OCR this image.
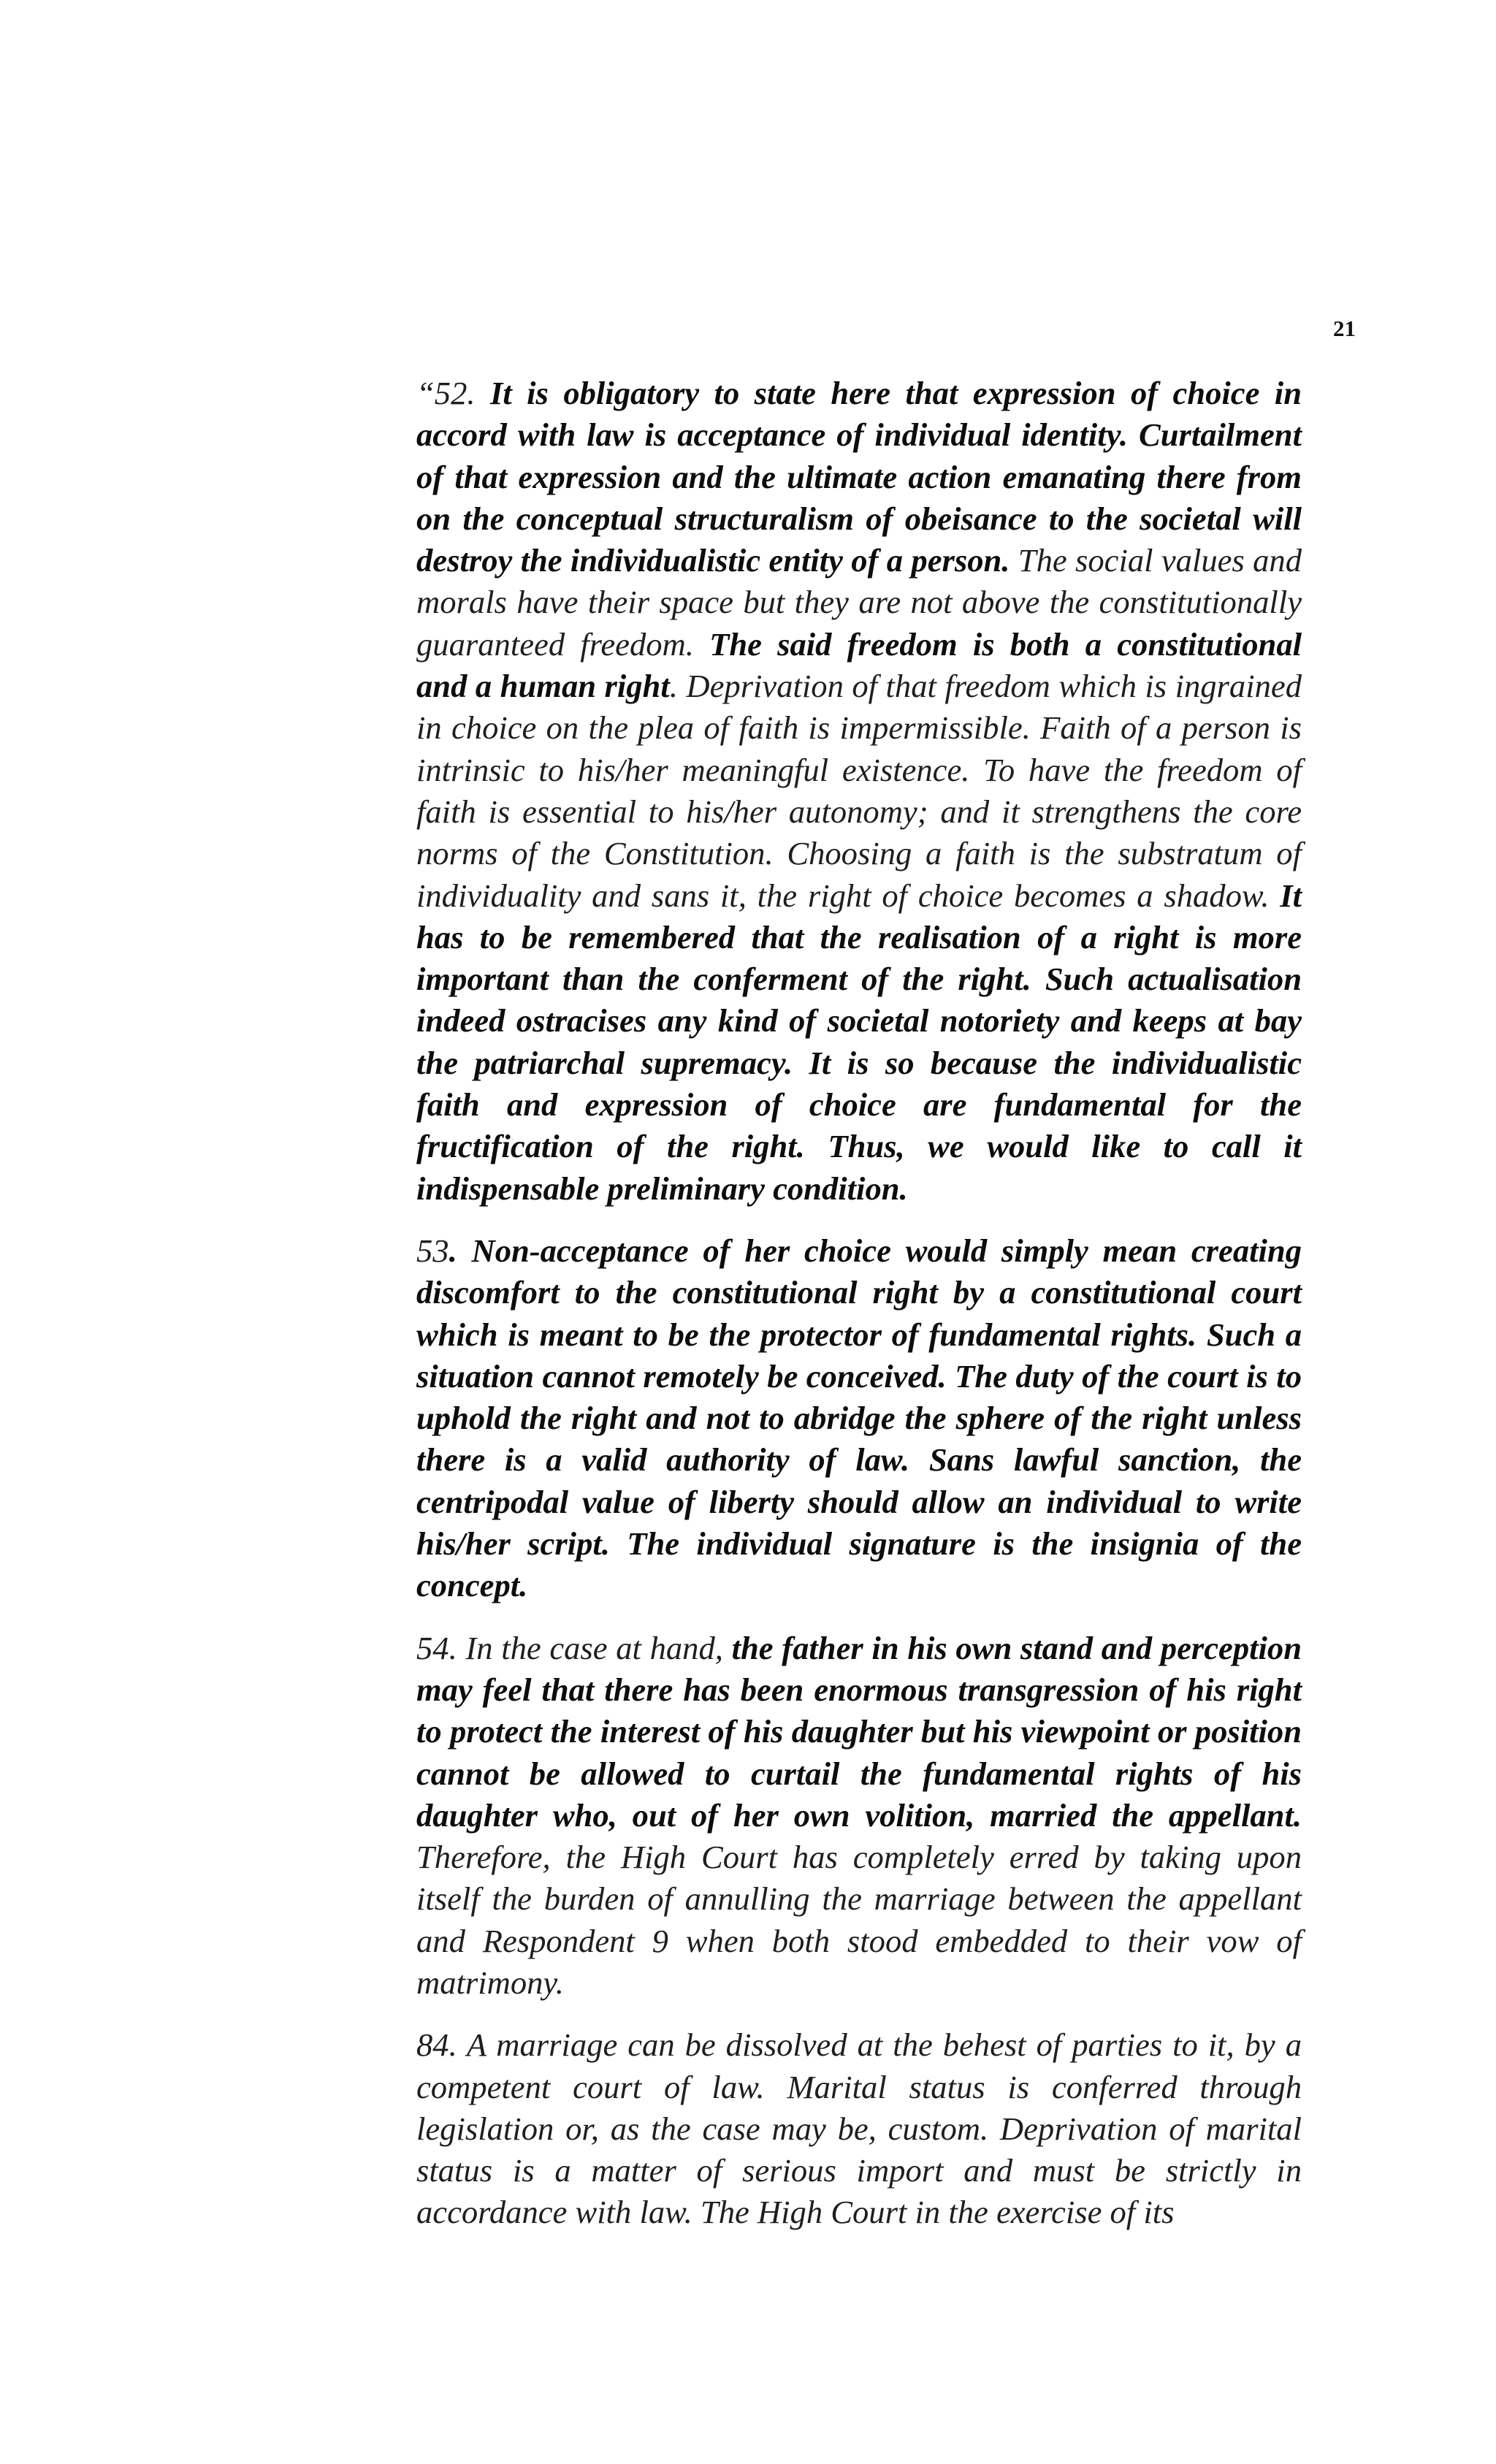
21

“52. It is obligatory to state here that expression of choice in accord with law is acceptance of individual identity. Curtailment of that expression and the ultimate action emanating there from on the conceptual structuralism of obeisance to the societal will destroy the individualistic entity of a person. The social values and morals have their space but they are not above the constitutionally guaranteed freedom. The said freedom is both a constitutional and a human right. Deprivation of that freedom which is ingrained in choice on the plea of faith is impermissible. Faith of a person is intrinsic to his/her meaningful existence. To have the freedom of faith is essential to his/her autonomy; and it strengthens the core norms of the Constitution. Choosing a faith is the substratum of individuality and sans it, the right of choice becomes a shadow. It has to be remembered that the realisation of a right is more important than the conferment of the right. Such actualisation indeed ostracises any kind of societal notoriety and keeps at bay the patriarchal supremacy. It is so because the individualistic faith and expression of choice are fundamental for the fructification of the right. Thus, we would like to call it indispensable preliminary condition.

53. Non-acceptance of her choice would simply mean creating discomfort to the constitutional right by a constitutional court which is meant to be the protector of fundamental rights. Such a situation cannot remotely be conceived. The duty of the court is to uphold the right and not to abridge the sphere of the right unless there is a valid authority of law. Sans lawful sanction, the centripodal value of liberty should allow an individual to write his/her script. The individual signature is the insignia of the concept.

54. In the case at hand, the father in his own stand and perception may feel that there has been enormous transgression of his right to protect the interest of his daughter but his viewpoint or position cannot be allowed to curtail the fundamental rights of his daughter who, out of her own volition, married the appellant. Therefore, the High Court has completely erred by taking upon itself the burden of annulling the marriage between the appellant and Respondent 9 when both stood embedded to their vow of matrimony.

84. A marriage can be dissolved at the behest of parties to it, by a competent court of law. Marital status is conferred through legislation or, as the case may be, custom. Deprivation of marital status is a matter of serious import and must be strictly in accordance with law. The High Court in the exercise of its
